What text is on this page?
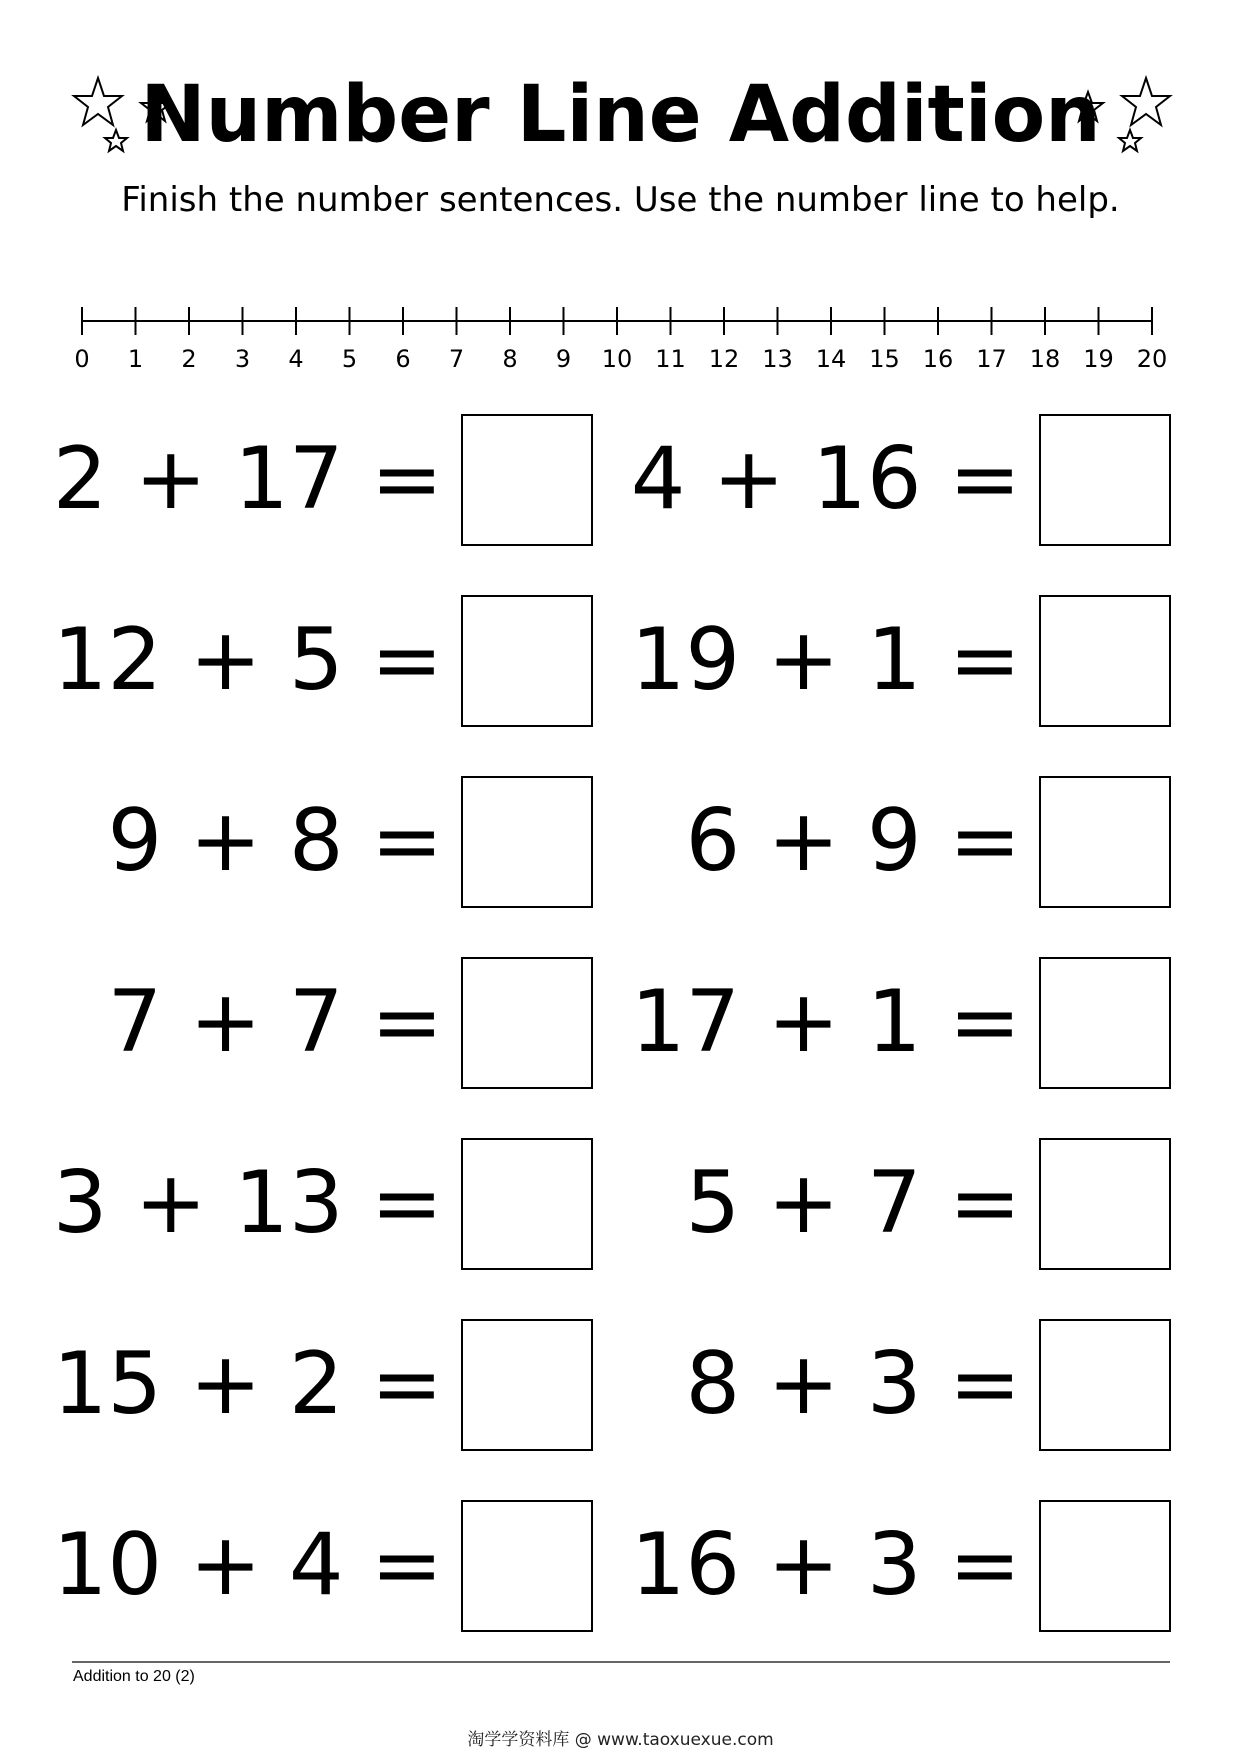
Number Line Addition

Finish the number sentences. Use the number line to help.

0 1 2 3 4 5 6 7 8 9 10 11 12 13 14 15 16 17 18 19 20
2 + 17 =
12 + 5 =
9 + 8 =
7 + 7 =
3 + 13 =
15 + 2 =
10 + 4 =
4 + 16 =
19 + 1 =
6 + 9 =
17 + 1 =
5 + 7 =
8 + 3 =
16 + 3 =
Addition to 20 (2)
淘学学资料库 @ www.taoxuexue.com
